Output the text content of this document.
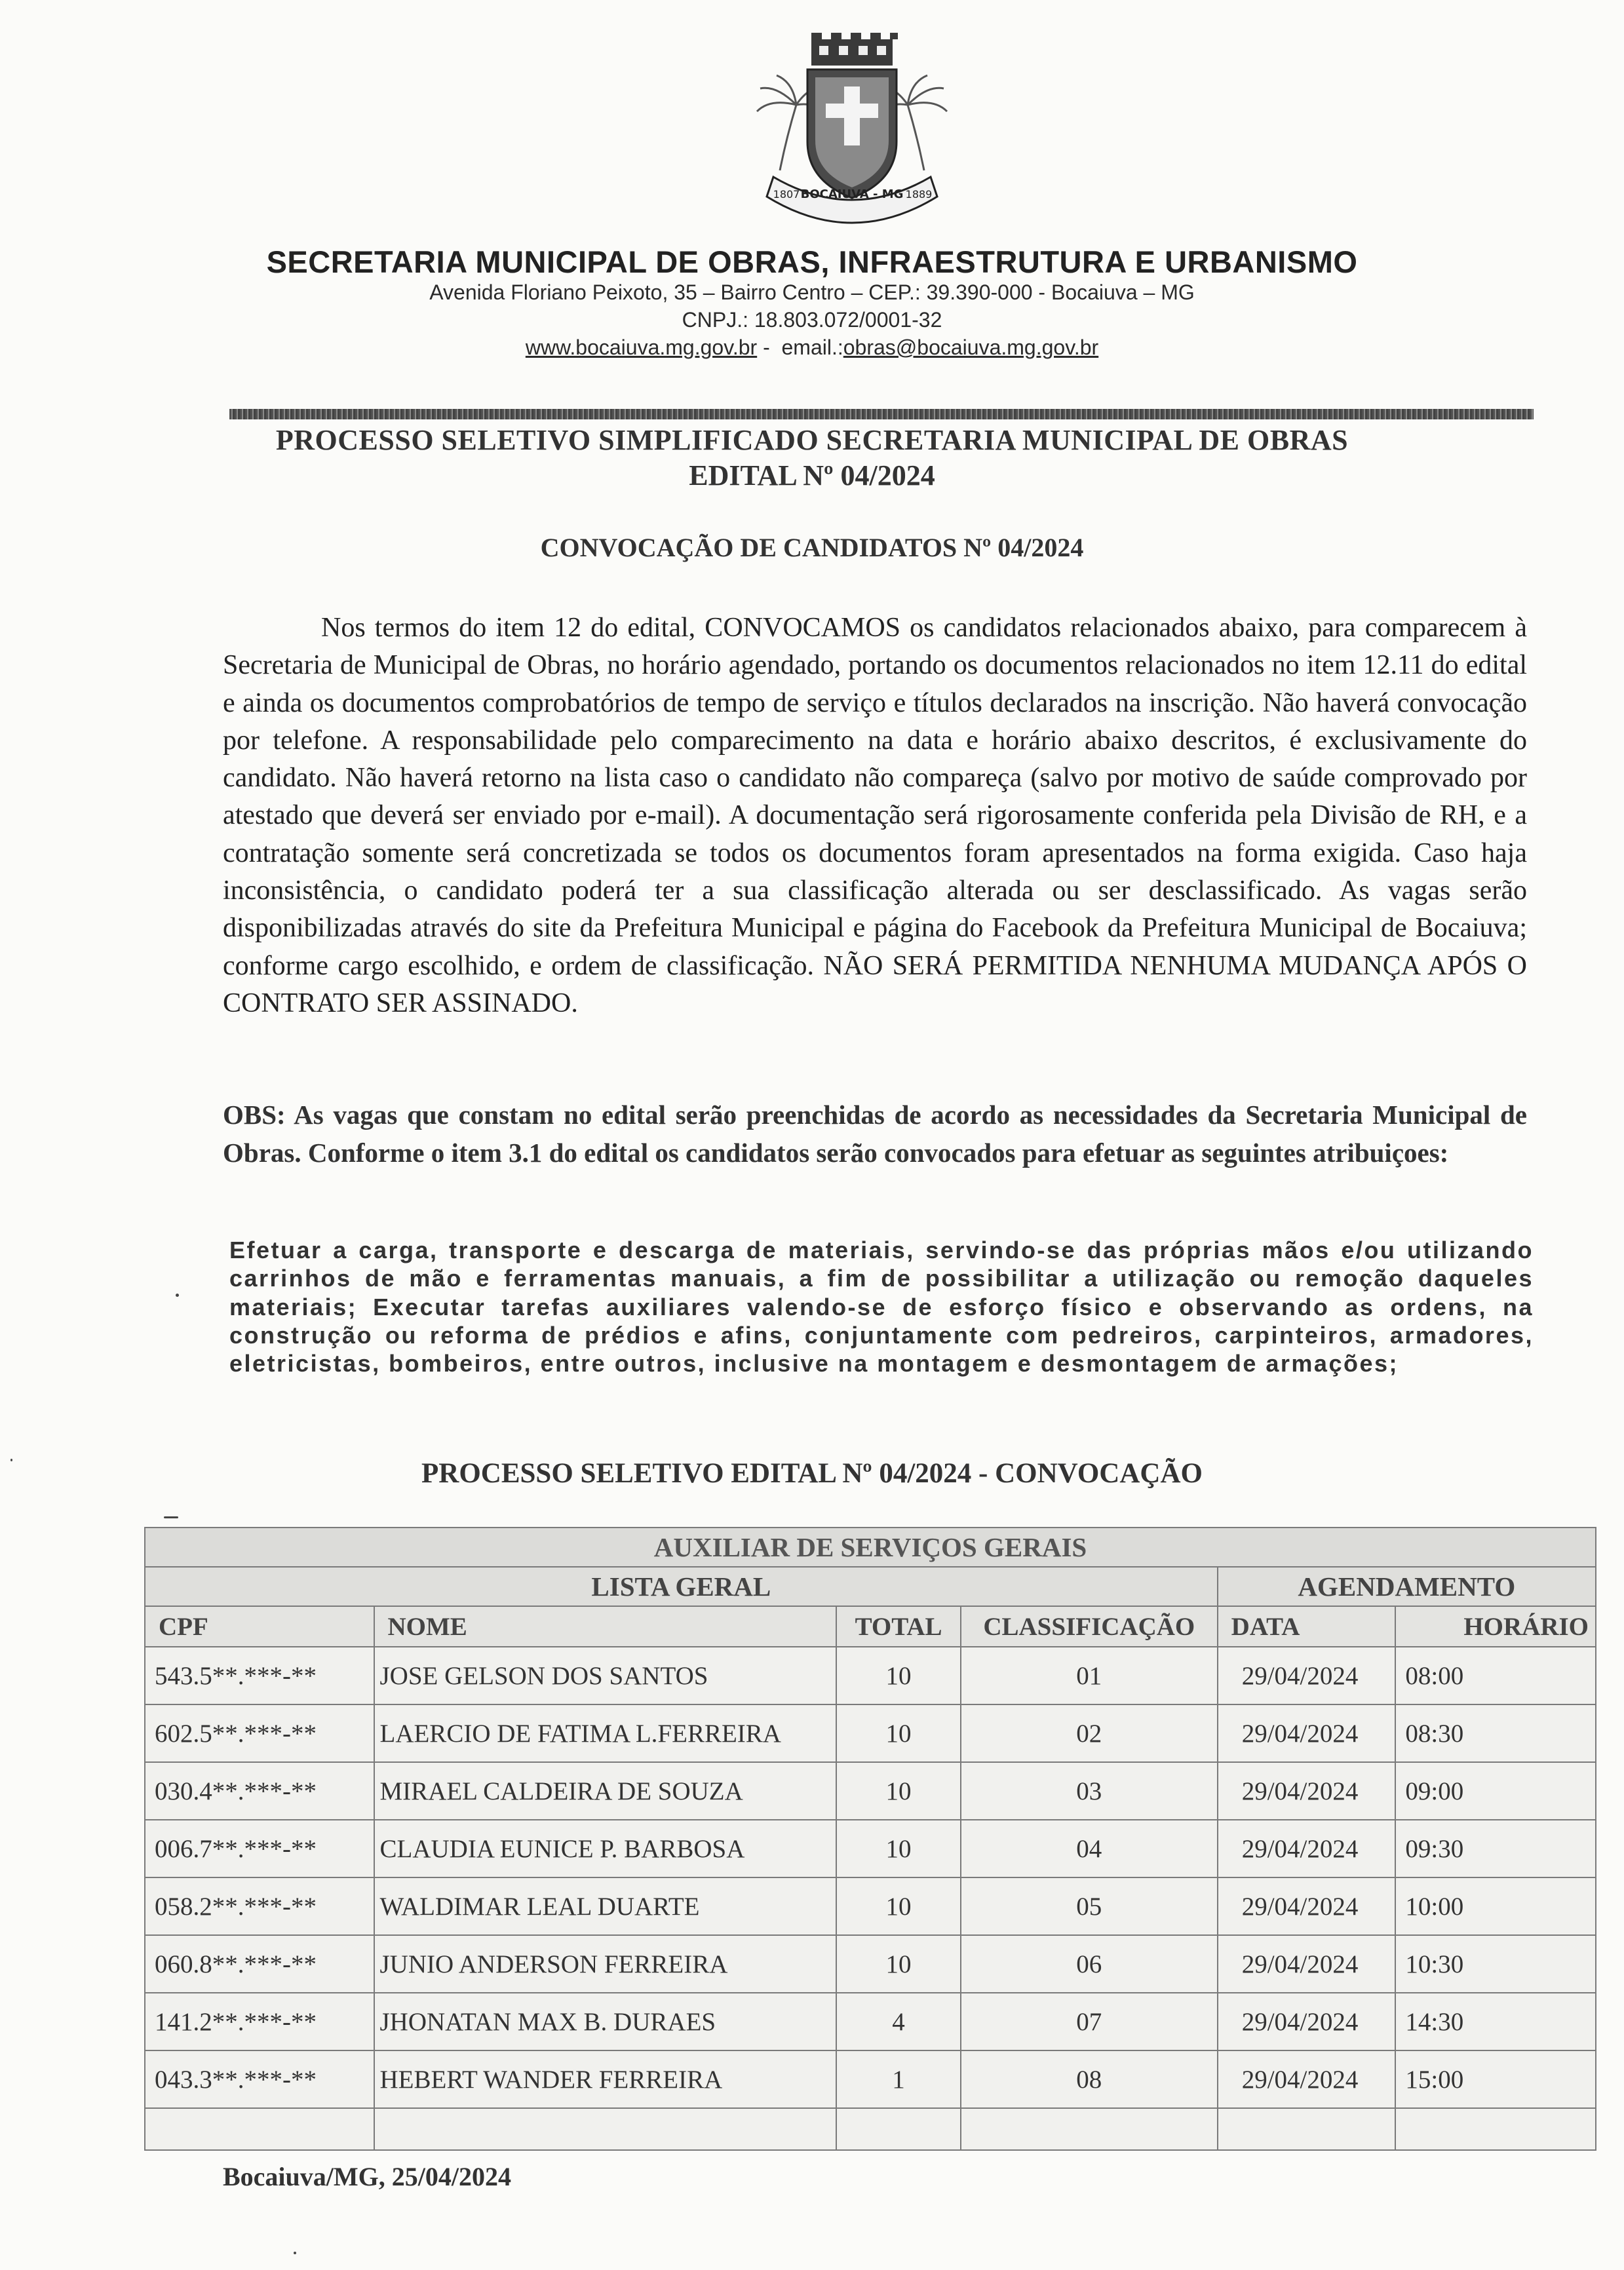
BOCAIUVA - MG
1807	1889
SECRETARIA MUNICIPAL DE OBRAS, INFRAESTRUTURA E URBANISMO
Avenida Floriano Peixoto, 35 – Bairro Centro – CEP.: 39.390-000 - Bocaiuva – MG
CNPJ.: 18.803.072/0001-32
www.bocaiuva.mg.gov.br -  email.:obras@bocaiuva.mg.gov.br
PROCESSO SELETIVO SIMPLIFICADO SECRETARIA MUNICIPAL DE OBRAS
EDITAL Nº 04/2024
CONVOCAÇÃO DE CANDIDATOS Nº 04/2024
Nos termos do item 12 do edital, CONVOCAMOS os candidatos relacionados abaixo, para comparecem à Secretaria de Municipal de Obras, no horário agendado, portando os documentos relacionados no item 12.11 do edital e ainda os documentos comprobatórios de tempo de serviço e títulos declarados na inscrição. Não haverá convocação por telefone. A responsabilidade pelo comparecimento na data e horário abaixo descritos, é exclusivamente do candidato. Não haverá retorno na lista caso o candidato não compareça (salvo por motivo de saúde comprovado por atestado que deverá ser enviado por e-mail). A documentação será rigorosamente conferida pela Divisão de RH, e a contratação somente será concretizada se todos os documentos foram apresentados na forma exigida. Caso haja inconsistência, o candidato poderá ter a sua classificação alterada ou ser desclassificado. As vagas serão disponibilizadas através do site da Prefeitura Municipal e página do Facebook da Prefeitura Municipal de Bocaiuva; conforme cargo escolhido, e ordem de classificação. NÃO SERÁ PERMITIDA NENHUMA MUDANÇA APÓS O CONTRATO SER ASSINADO.
OBS: As vagas que constam no edital serão preenchidas de acordo as necessidades da Secretaria Municipal de Obras. Conforme o item 3.1 do edital os candidatos serão convocados para efetuar as seguintes atribuiçoes:
Efetuar a carga, transporte e descarga de materiais, servindo-se das próprias mãos e/ou utilizando carrinhos de mão e ferramentas manuais, a fim de possibilitar a utilização ou remoção daqueles materiais; Executar tarefas auxiliares valendo-se de esforço físico e observando as ordens, na construção ou reforma de prédios e afins, conjuntamente com pedreiros, carpinteiros, armadores, eletricistas, bombeiros, entre outros, inclusive na montagem e desmontagem de armações;
PROCESSO SELETIVO EDITAL Nº 04/2024 - CONVOCAÇÃO
AUXILIAR DE SERVIÇOS GERAIS					
LISTA GERAL				AGENDAMENTO	
CPF	NOME	TOTAL	CLASSIFICAÇÃO	DATA	HORÁRIO
543.5**.***-**	JOSE GELSON DOS SANTOS	10	01	29/04/2024	08:00
602.5**.***-**	LAERCIO DE FATIMA L.FERREIRA	10	02	29/04/2024	08:30
030.4**.***-**	MIRAEL CALDEIRA DE SOUZA	10	03	29/04/2024	09:00
006.7**.***-**	CLAUDIA EUNICE P. BARBOSA	10	04	29/04/2024	09:30
058.2**.***-**	WALDIMAR LEAL DUARTE	10	05	29/04/2024	10:00
060.8**.***-**	JUNIO ANDERSON FERREIRA	10	06	29/04/2024	10:30
141.2**.***-**	JHONATAN MAX B. DURAES	4	07	29/04/2024	14:30
043.3**.***-**	HEBERT WANDER FERREIRA	1	08	29/04/2024	15:00

Bocaiuva/MG, 25/04/2024
